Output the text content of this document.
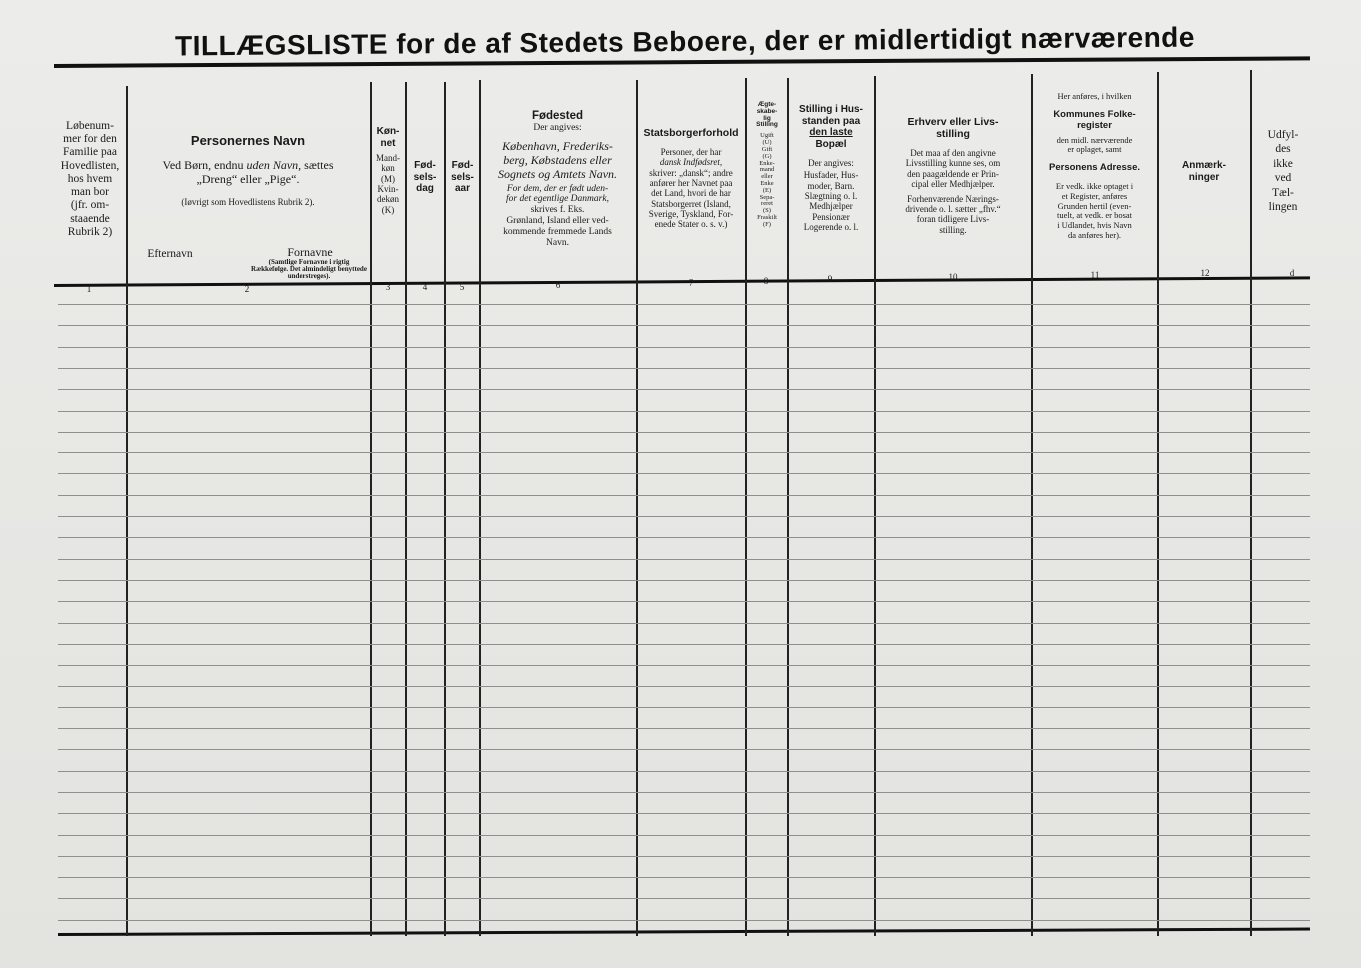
TILLÆGSLISTE for de af Stedets Beboere, der er midlertidigt nærværende
Løbenum-
mer for den
Familie paa
Hovedlisten,
hos hvem
man bor
(jfr. om-
staaende
Rubrik 2)
1
Personernes Navn
Ved Børn, endnu uden Navn, sættes
„Dreng“ eller „Pige“.
(Iøvrigt som Hovedlistens Rubrik 2).
Efternavn	Fornavne
(Samtlige Fornavne i rigtig Rækkefølge. Det almindeligt benyttede understreges).
2
Køn-net
Mand-
køn
(M)
Kvin-
dekøn
(K)
3
Fød-
sels-
dag
4
Fød-
sels-
aar
5
Fødested
Der angives:
København, Frederiks-
berg, Købstadens eller
Sognets og Amtets Navn.
For dem, der er født uden-
for det egentlige Danmark,
skrives f. Eks.
Grønland, Island eller ved-
kommende fremmede Lands
Navn.
6
Statsborgerforhold
Personer, der har
dansk Indfødsret,
skriver: „dansk“; andre
anfører her Navnet paa
det Land, hvori de har
Statsborgerret (Island,
Sverige, Tyskland, For-
enede Stater o. s. v.)
7
Ægte-
skabe-
lig
Stilling
Ugift
(U)
Gift
(G)
Enke-
mand
eller
Enke
(E)
Sepa-
reret
(S)
Fraskilt
(F)
8
Stilling i Hus-
standen paa
den laste
Bopæl
Der angives:
Husfader, Hus-
moder, Barn.
Slægtning o. l.
Medhjælper
Pensionær
Logerende o. l.
9
Erhverv eller Livs-
stilling
Det maa af den angivne
Livsstilling kunne ses, om
den paagældende er Prin-
cipal eller Medhjælper.
Forhenværende Nærings-
drivende o. l. sætter „fhv.“
foran tidligere Livs-
stilling.
10
Her anføres, i hvilken
Kommunes Folke-
register
den midl. nærværende
er oplaget, samt
Personens Adresse.
Er vedk. ikke optaget i
et Register, anføres
Grunden hertil (even-
tuelt, at vedk. er bosat
i Udlandet, hvis Navn
da anføres her).
11
Anmærk-
ninger
12
Udfyl-
des
ikke
ved
Tæl-
lingen
d
